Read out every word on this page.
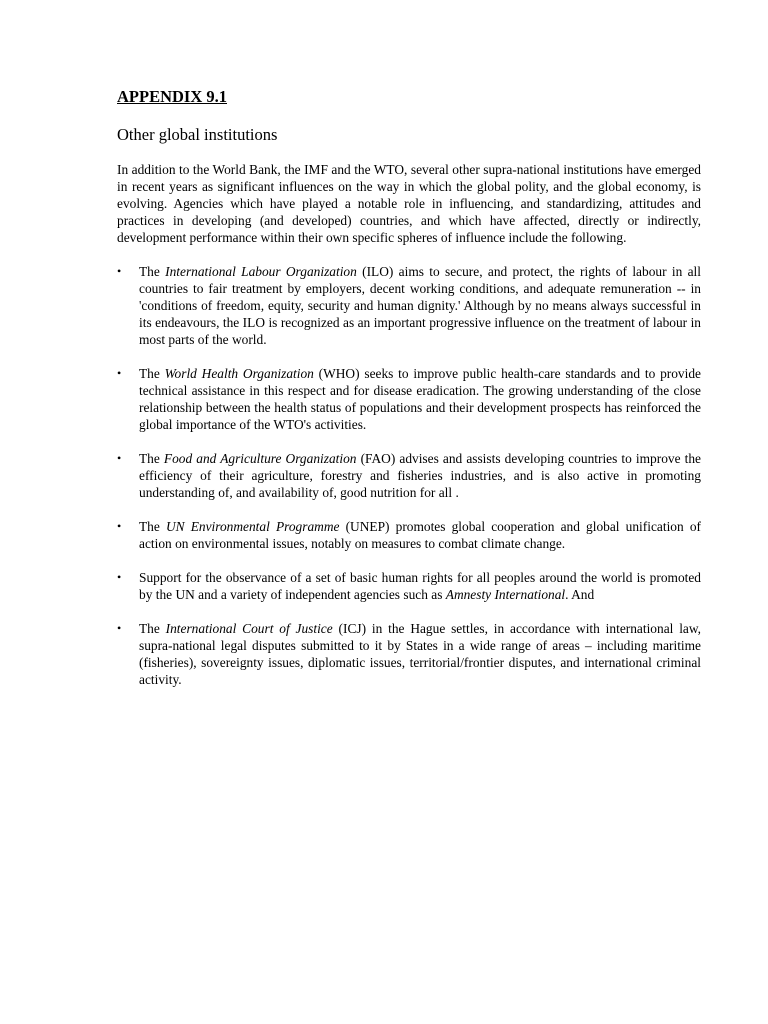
APPENDIX 9.1
Other global institutions

In addition to the World Bank, the IMF and the WTO, several other supra-national institutions have emerged in recent years as significant influences on the way in which the global polity, and the global economy, is evolving. Agencies which have played a notable role in influencing, and standardizing, attitudes and practices in developing (and developed) countries, and which have affected, directly or indirectly, development performance within their own specific spheres of influence include the following.

•	The International Labour Organization (ILO) aims to secure, and protect, the rights of labour in all countries to fair treatment by employers, decent working conditions, and adequate remuneration -- in 'conditions of freedom, equity, security and human dignity.' Although by no means always successful in its endeavours, the ILO is recognized as an important progressive influence on the treatment of labour in most parts of the world.
•	The World Health Organization (WHO) seeks to improve public health-care standards and to provide technical assistance in this respect and for disease eradication. The growing understanding of the close relationship between the health status of populations and their development prospects has reinforced the global importance of the WTO's activities.
•	The Food and Agriculture Organization (FAO) advises and assists developing countries to improve the efficiency of their agriculture, forestry and fisheries industries, and is also active in promoting understanding of, and availability of, good nutrition for all .
•	The UN Environmental Programme (UNEP) promotes global cooperation and global unification of action on environmental issues, notably on measures to combat climate change.
•	Support for the observance of a set of basic human rights for all peoples around the world is promoted by the UN and a variety of independent agencies such as Amnesty International. And
•	The International Court of Justice (ICJ) in the Hague settles, in accordance with international law, supra-national legal disputes submitted to it by States in a wide range of areas – including maritime (fisheries), sovereignty issues, diplomatic issues, territorial/frontier disputes, and international criminal activity.
